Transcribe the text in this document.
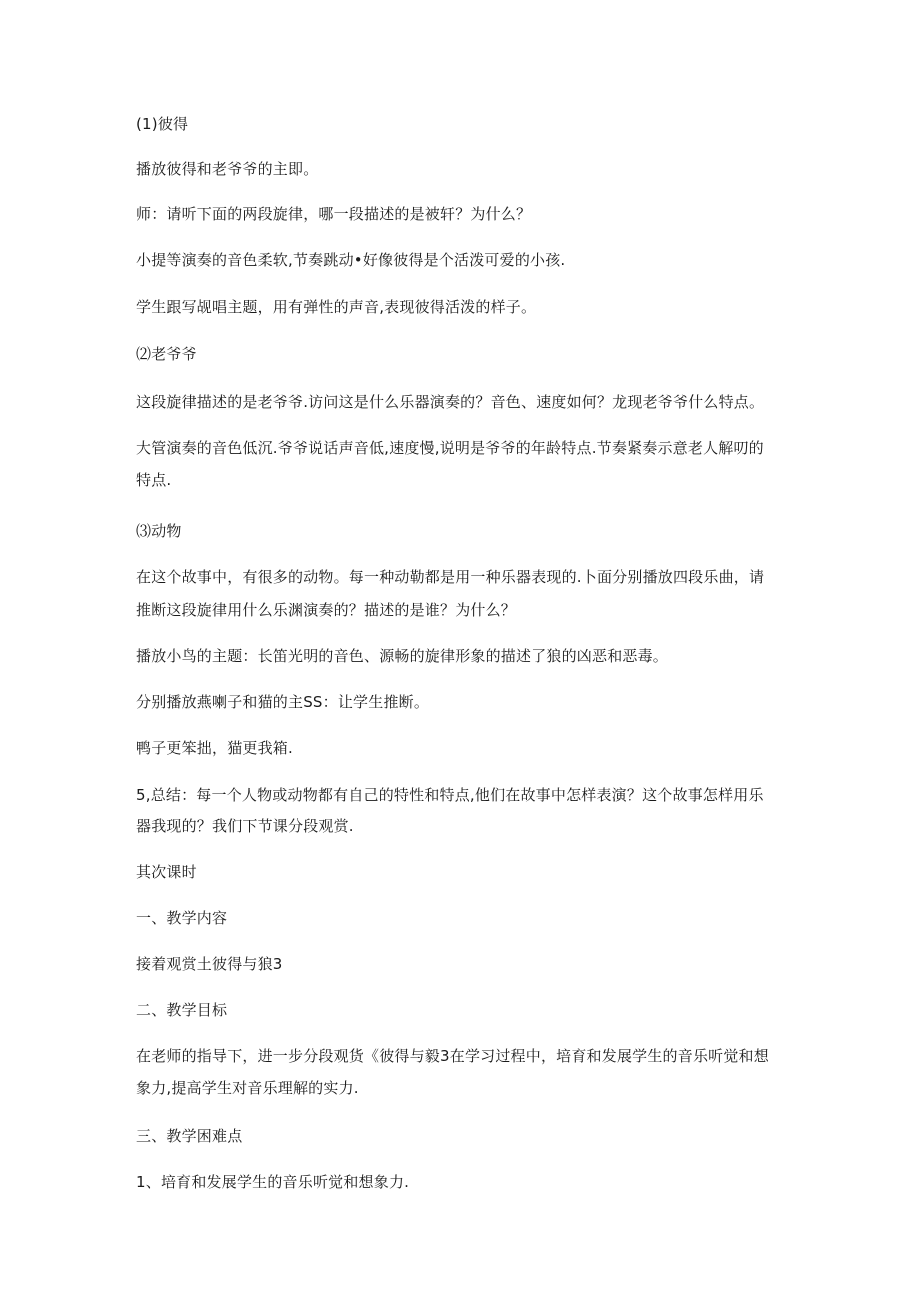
(1)彼得
播放彼得和老爷爷的主即。
师：请听下面的两段旋律，哪一段描述的是被轩？为什么？
小提等演奏的音色柔软,节奏跳动•好像彼得是个活泼可爱的小孩.
学生跟写觇唱主题，用有弹性的声音,表现彼得活泼的样子。
⑵老爷爷
这段旋律描述的是老爷爷.访问这是什么乐器演奏的？音色、速度如何？龙现老爷爷什么特点。
大管演奏的音色低沉.爷爷说话声音低,速度慢,说明是爷爷的年龄特点.节奏紧奏示意老人解叨的
特点.
⑶动物
在这个故事中，有很多的动物。每一种动勒都是用一种乐器表现的.卜面分别播放四段乐曲，请
推断这段旋律用什么乐渊演奏的？描述的是谁？为什么？
播放小鸟的主题：长笛光明的音色、源畅的旋律形象的描述了狼的凶恶和恶毒。
分别播放燕喇子和猫的主SS：让学生推断。
鸭子更笨拙，猫更我箱.
5,总结：每一个人物或动物都有自己的特性和特点,他们在故事中怎样表演？这个故事怎样用乐
器我现的？我们下节课分段观赏.
其次课时
一、教学内容
接着观赏土彼得与狼3
二、教学目标
在老师的指导下，进一步分段观货《彼得与毅3在学习过程中，培育和发展学生的音乐听觉和想
象力,提高学生对音乐理解的实力.
三、教学困难点
1、培育和发展学生的音乐听觉和想象力.
